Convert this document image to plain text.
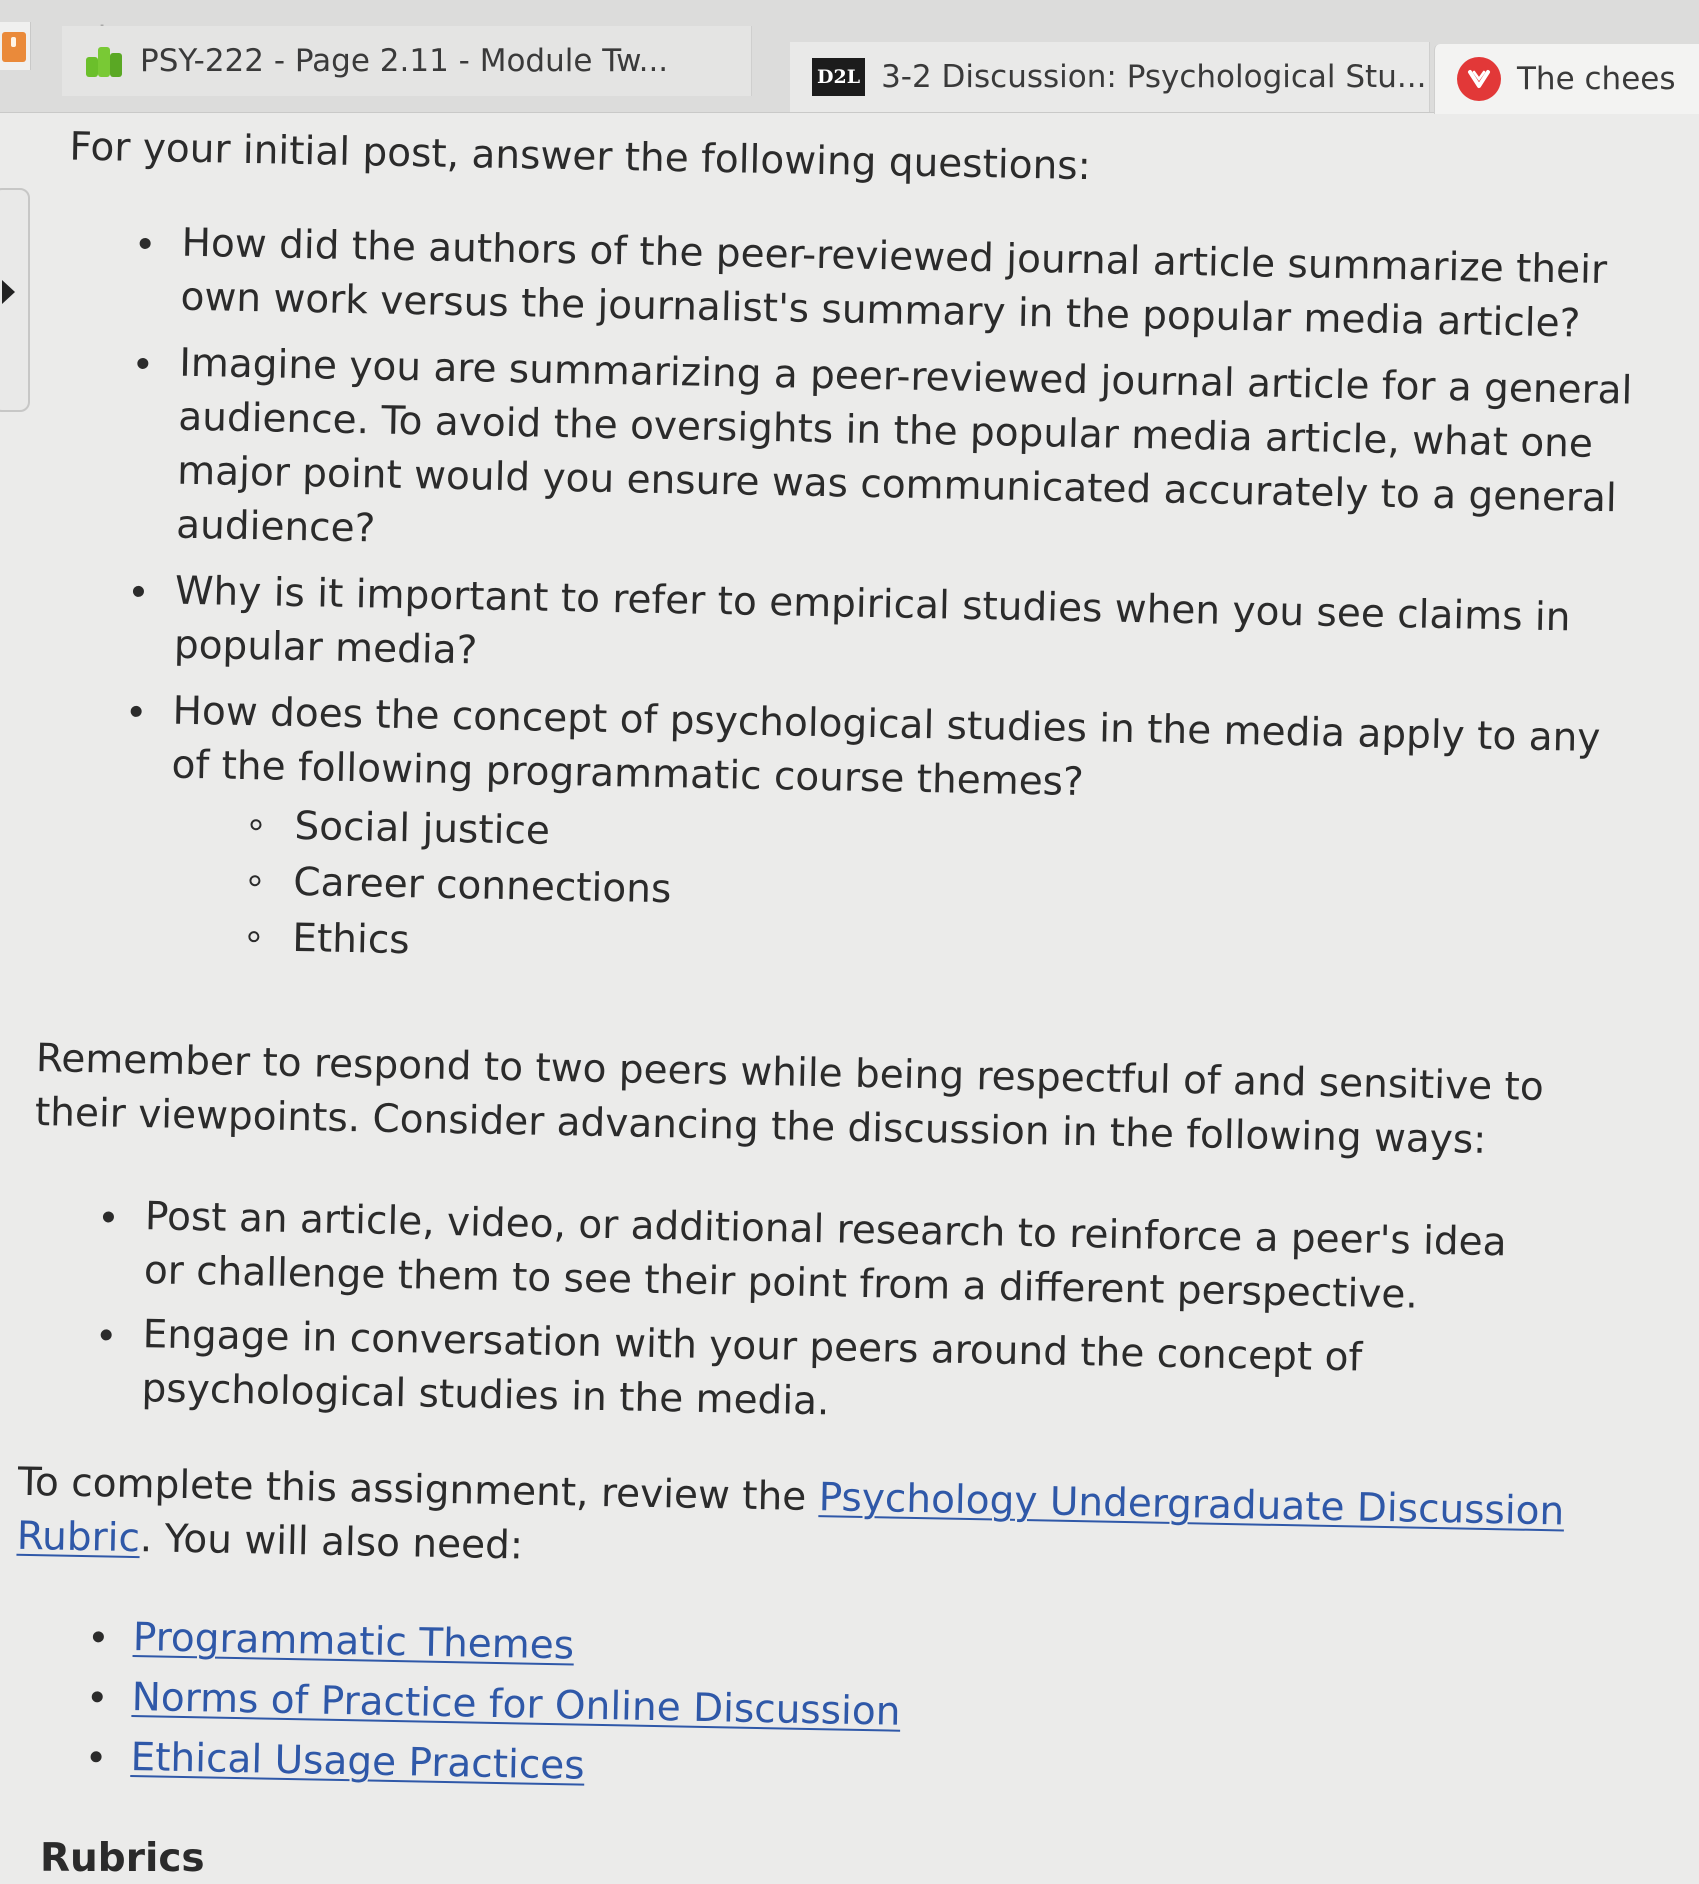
PSY-222 - Page 2.11 - Module Tw...	D2L 3-2 Discussion: Psychological Stu...	The chees

For your initial post, answer the following questions:

How did the authors of the peer-reviewed journal article summarize their own work versus the journalist's summary in the popular media article?
Imagine you are summarizing a peer-reviewed journal article for a general audience. To avoid the oversights in the popular media article, what one major point would you ensure was communicated accurately to a general audience?
Why is it important to refer to empirical studies when you see claims in popular media?
How does the concept of psychological studies in the media apply to any of the following programmatic course themes?
Social justice
Career connections
Ethics

Remember to respond to two peers while being respectful of and sensitive to their viewpoints. Consider advancing the discussion in the following ways:

Post an article, video, or additional research to reinforce a peer's idea or challenge them to see their point from a different perspective.
Engage in conversation with your peers around the concept of psychological studies in the media.

To complete this assignment, review the Psychology Undergraduate Discussion Rubric. You will also need:

Programmatic Themes
Norms of Practice for Online Discussion
Ethical Usage Practices
Rubrics
